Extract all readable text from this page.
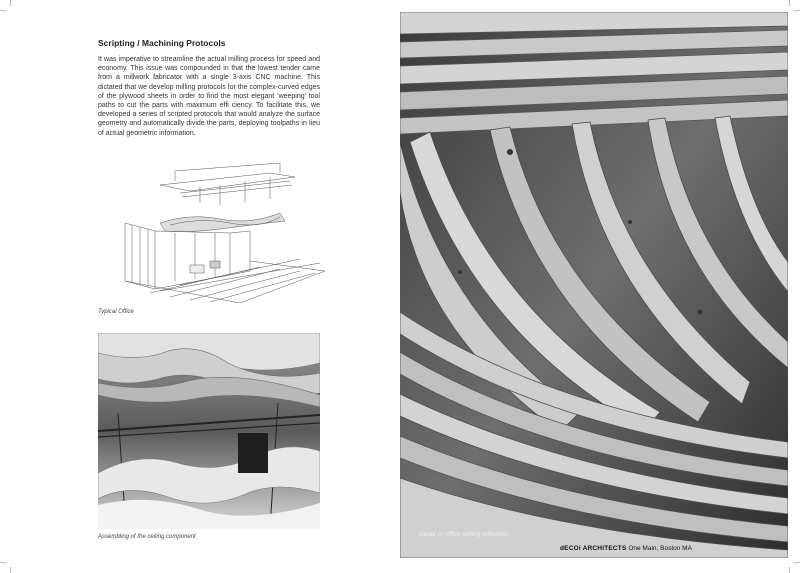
Scripting / Machining Protocols

It was imperative to streamline the actual milling process for speed and economy. This issue was compounded in that the lowest tender came from a millwork fabricator with a single 3-axis CNC machine. This dictated that we develop milling protocols for the complex-curved edges of the plywood sheets in order to find the most elegant ‘weeping’ tool paths to cut the parts with maximum effi ciency. To facilitate this, we developed a series of scripted protocols that would analyze the surface geometry and automatically divide the parts, deploying toolpaths in lieu of actual geometric information.

Typical Office
Assembling of the ceiling component	Detail of office ceiling inflection.
dECOi ARCHITECTS One Main, Boston MA
